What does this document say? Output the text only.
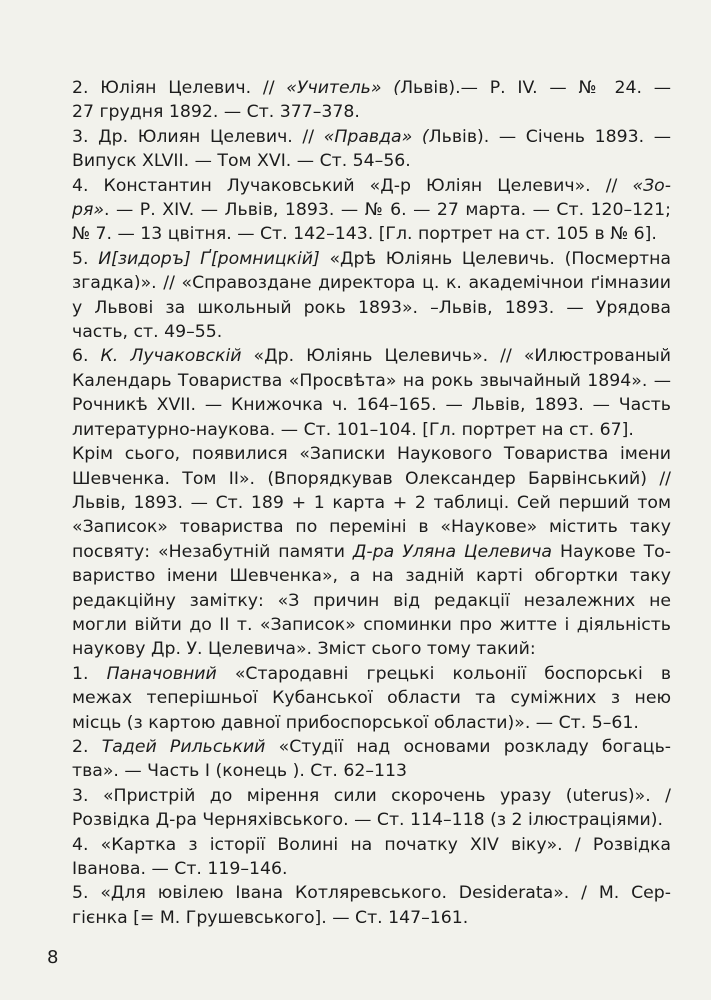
2. Юліян Целевич. // «Учитель» (Львів).— Р. IV. — № 24. —
27 грудня 1892. — Ст. 377–378.

3. Др. Юлиян Целевич. // «Правда» (Львів). — Січень 1893. —
Випуск XLVII. — Том XVI. — Ст. 54–56.

4. Константин Лучаковський «Д-р Юліян Целевич». // «Зо-
ря». — Р. XIV. — Львів, 1893. — № 6. — 27 марта. — Ст. 120–121;
№ 7. — 13 цвітня. — Ст. 142–143. [Гл. портрет на ст. 105 в № 6].

5. И[зидоръ] Ґ[ромницкій] «Дрѣ Юліянь Целевичь. (Посмертна
згадка)». // «Справоздане директора ц. к. академічнои ґімназии
у Львові за школьный рокь 1893». –Львів, 1893. — Урядова
часть, ст. 49–55.

6. К. Лучаковскій «Др. Юліянь Целевичь». // «Илюстрованый
Календарь Товариства «Просвѣта» на рокь звычайный 1894». —
Рочникѣ XVII. — Книжочка ч. 164–165. — Львів, 1893. — Часть
литературно-наукова. — Ст. 101–104. [Гл. портрет на ст. 67].

Крім сього, появилися «Записки Наукового Товариства імени
Шевченка. Том II». (Впорядкував Олександер Барвінський) //
Львів, 1893. — Ст. 189 + 1 карта + 2 таблиці. Сей перший том
«Записок» товариства по переміні в «Наукове» містить таку
посвяту: «Незабутній памяти Д-ра Уляна Целевича Наукове То-
вариство імени Шевченка», а на задній карті обгортки таку
редакційну замітку: «З причин від редакції незалежних не
могли війти до II т. «Записок» споминки про житте і діяльність
наукову Др. У. Целевича». Зміст сього тому такий:

1. Паначовний «Стародавні грецькі кольонії боспорські в
межах теперішньої Кубанської области та суміжних з нею
місць (з картою давної прибоспорської области)». — Ст. 5–61.

2. Тадей Рильський «Студії над основами розкладу богаць-
тва». — Часть I (конець ). Ст. 62–113

3. «Пристрій до мірення сили скорочень уразу (uterus)». /
Розвідка Д-ра Черняхівського. — Ст. 114–118 (з 2 ілюстраціями).

4. «Картка з історії Волині на початку XIV віку». / Розвідка
Іванова. — Ст. 119–146.

5. «Для ювілею Івана Котляревського. Desiderata». / М. Сер-
гієнка [= М. Грушевського]. — Ст. 147–161.

8
